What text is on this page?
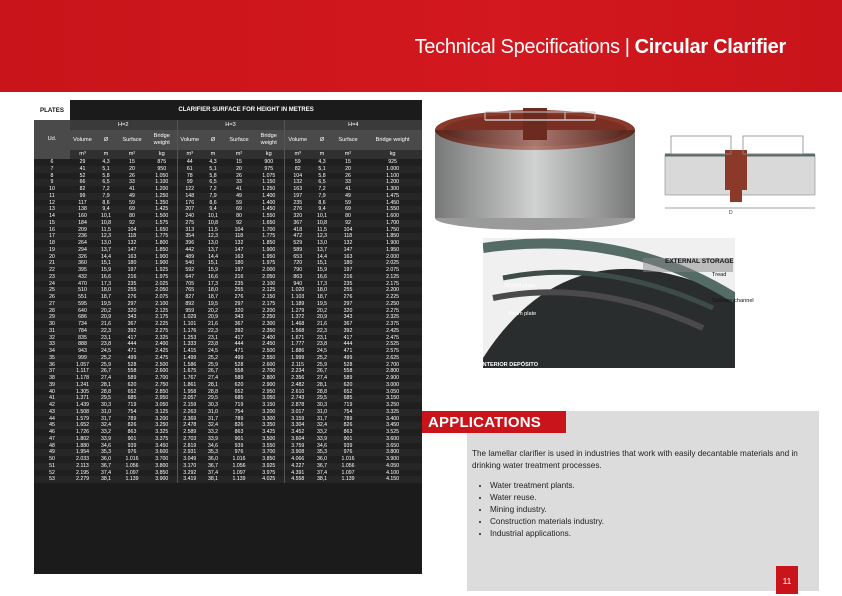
Technical Specifications | Circular Clarifier
PLATES	CLARIFIER SURFACE FOR HEIGHT IN METRES											
Ud.	H=2				H=3				H=4			
	Volume	Ø	Surface	Bridge weight	Volume	Ø	Surface	Bridge weight	Volume	Ø	Surface	Bridge weight
	m³	m	m²	kg	m³	m	m²	kg	m³	m	m²	kg
6	29	4,3	15	875	44	4,3	15	900	59	4,3	15	925
7	41	5,1	20	950	61	5,1	20	975	82	5,1	20	1.000
8	52	5,8	26	1.050	78	5,8	26	1.075	104	5,8	26	1.100
9	66	6,5	33	1.100	99	6,5	33	1.150	132	6,5	33	1.200
10	82	7,2	41	1.200	122	7,2	41	1.250	163	7,2	41	1.300
11	99	7,9	49	1.250	148	7,9	49	1.400	197	7,9	49	1.475
12	117	8,6	59	1.350	176	8,6	59	1.400	235	8,6	59	1.450
13	138	9,4	69	1.425	207	9,4	69	1.450	276	9,4	69	1.550
14	160	10,1	80	1.500	240	10,1	80	1.550	320	10,1	80	1.600
15	184	10,8	92	1.575	275	10,8	92	1.650	367	10,8	92	1.700
16	209	11,5	104	1.650	313	11,5	104	1.700	418	11,5	104	1.750
17	236	12,3	118	1.775	354	12,3	118	1.775	472	12,3	118	1.850
18	264	13,0	132	1.800	396	13,0	132	1.850	529	13,0	132	1.900
19	294	13,7	147	1.850	442	13,7	147	1.900	589	13,7	147	1.950
20	326	14,4	163	1.900	489	14,4	163	1.950	653	14,4	163	2.000
21	360	15,1	180	1.900	540	15,1	180	1.975	720	15,1	180	2.025
22	395	15,9	197	1.925	592	15,9	197	2.000	790	15,9	197	2.075
23	432	16,6	216	1.975	647	16,6	216	2.050	863	16,6	216	2.125
24	470	17,3	235	2.025	705	17,3	235	2.100	940	17,3	235	2.175
25	510	18,0	255	2.050	765	18,0	255	2.125	1.020	18,0	255	2.200
26	551	18,7	276	2.075	827	18,7	276	2.150	1.103	18,7	276	2.225
27	595	19,5	297	2.100	892	19,5	297	2.175	1.189	19,5	297	2.250
28	640	20,2	320	2.125	959	20,2	320	2.200	1.279	20,2	320	2.275
29	686	20,9	343	2.175	1.029	20,9	343	2.250	1.372	20,9	343	2.325
30	734	21,6	367	2.225	1.101	21,6	367	2.300	1.468	21,6	367	2.375
31	784	22,3	392	2.275	1.176	22,3	392	2.350	1.568	22,3	392	2.425
32	835	23,1	417	2.325	1.253	23,1	417	2.400	1.671	23,1	417	2.475
33	888	23,8	444	2.400	1.333	23,8	444	2.450	1.777	23,8	444	2.525
34	943	24,5	471	2.425	1.415	24,5	471	2.500	1.886	24,5	471	2.575
35	999	25,2	499	2.475	1.499	25,2	499	2.550	1.999	25,2	499	2.625
36	1.057	25,9	528	2.500	1.586	25,9	528	2.600	2.115	25,9	528	2.700
37	1.117	26,7	558	2.600	1.675	26,7	558	2.700	2.234	26,7	558	2.800
38	1.178	27,4	589	2.700	1.767	27,4	589	2.800	2.356	27,4	589	2.900
39	1.241	28,1	620	2.750	1.861	28,1	620	2.900	2.482	28,1	620	3.000
40	1.305	28,8	652	2.850	1.958	28,8	652	2.950	2.610	28,8	652	3.050
41	1.371	29,5	685	2.950	2.057	29,5	685	3.050	2.743	29,5	685	3.150
42	1.439	30,3	719	3.050	2.159	30,3	719	3.150	2.878	30,3	719	3.250
43	1.508	31,0	754	3.125	2.263	31,0	754	3.200	3.017	31,0	754	3.325
44	1.579	31,7	789	3.200	2.369	31,7	789	3.300	3.159	31,7	789	3.400
45	1.652	32,4	826	3.250	2.478	32,4	826	3.350	3.304	32,4	826	3.450
46	1.726	33,2	863	3.325	2.589	33,2	863	3.425	3.452	33,2	863	3.525
47	1.802	33,9	901	3.375	2.703	33,9	901	3.500	3.604	33,9	901	3.600
48	1.880	34,6	939	3.450	2.819	34,6	939	3.550	3.759	34,6	939	3.650
49	1.954	35,3	976	3.600	2.931	35,3	976	3.700	3.908	35,3	976	3.800
50	2.033	36,0	1.016	3.700	3.049	36,0	1.016	3.850	4.066	36,0	1.016	3.900
51	2.113	36,7	1.056	3.800	3.170	36,7	1.056	3.925	4.227	36,7	1.056	4.050
52	2.195	37,4	1.097	3.850	3.292	37,4	1.097	3.975	4.391	37,4	1.097	4.100
53	2.279	38,1	1.139	3.900	3.419	38,1	1.139	4.025	4.558	38,1	1.139	4.150
D
EXTERNAL STORAGE
Tread
Slotted plate
Spillway channel
Beam plate
INTERIOR DEPÓSITO
APPLICATIONS
The lamellar clarifier is used in industries that work with easily decantable materials and in drinking water treatment processes.
• Water treatment plants.
• Water reuse.
• Mining industry.
• Construction materials industry.
• Industrial applications.
11
